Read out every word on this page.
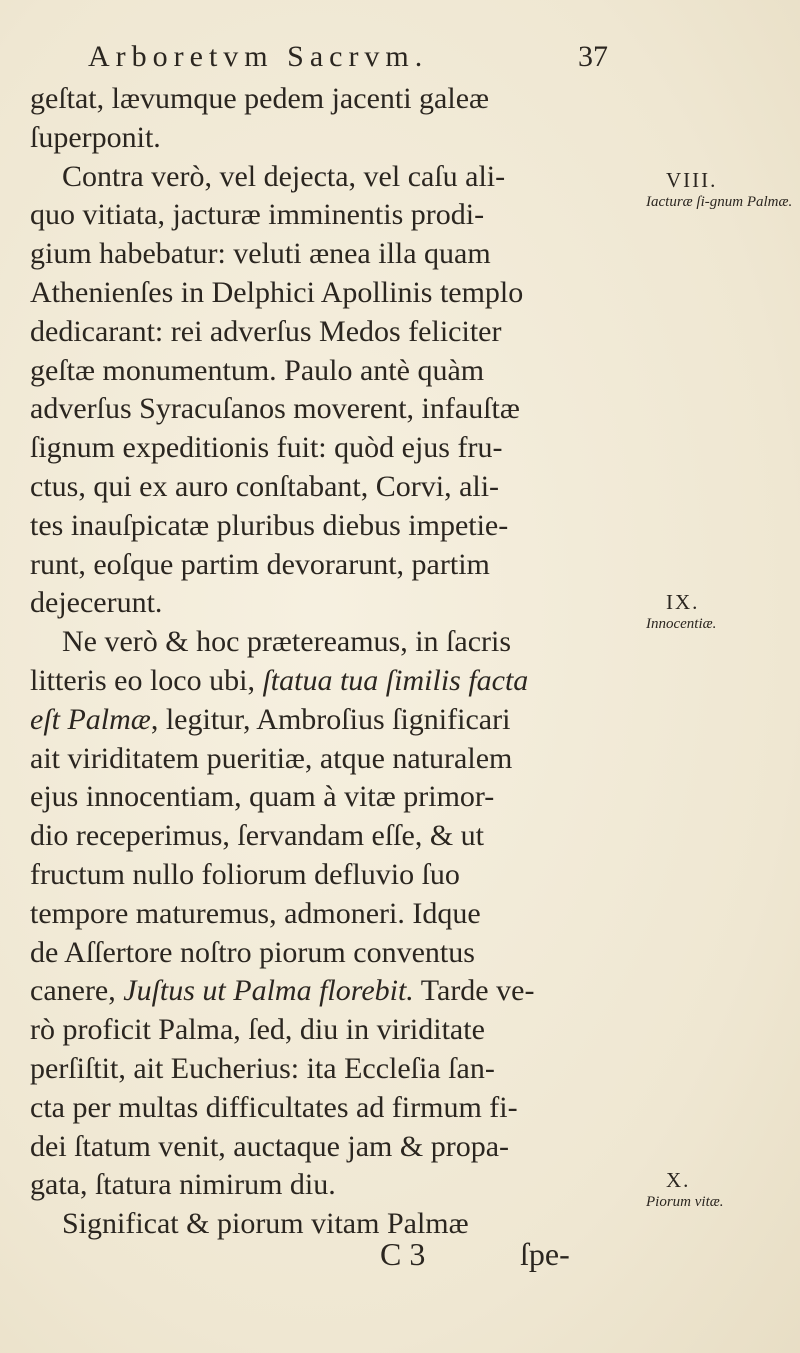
Arboretvm Sacrvm.	37
geſtat, lævumque pedem jacenti galeæ
ſuperponit.
Contra verò, vel dejecta, vel caſu ali-
quo vitiata, jacturæ imminentis prodi-
gium habebatur: veluti ænea illa quam
Athenienſes in Delphici Apollinis templo
dedicarant: rei adverſus Medos feliciter
geſtæ monumentum. Paulo antè quàm
adverſus Syracuſanos moverent, infauſtæ
ſignum expeditionis fuit: quòd ejus fru-
ctus, qui ex auro conſtabant, Corvi, ali-
tes inauſpicatæ pluribus diebus impetie-
runt, eoſque partim devorarunt, partim
dejecerunt.
Ne verò & hoc prætereamus, in ſacris
litteris eo loco ubi, ſtatua tua ſimilis facta
eſt Palmæ, legitur, Ambroſius ſignificari
ait viriditatem pueritiæ, atque naturalem
ejus innocentiam, quam à vitæ primor-
dio receperimus, ſervandam eſſe, & ut
fructum nullo foliorum defluvio ſuo
tempore maturemus, admoneri. Idque
de Aſſertore noſtro piorum conventus
canere, Juſtus ut Palma florebit. Tarde ve-
rò proficit Palma, ſed, diu in viriditate
perſiſtit, ait Eucherius: ita Eccleſia ſan-
cta per multas difficultates ad firmum fi-
dei ſtatum venit, auctaque jam & propa-
gata, ſtatura nimirum diu.
Significat & piorum vitam Palmæ
VIII.
Iacturæ ſi-gnum Palmæ.
IX.
Innocentiæ.
X.
Piorum vitæ.
C 3	ſpe-
